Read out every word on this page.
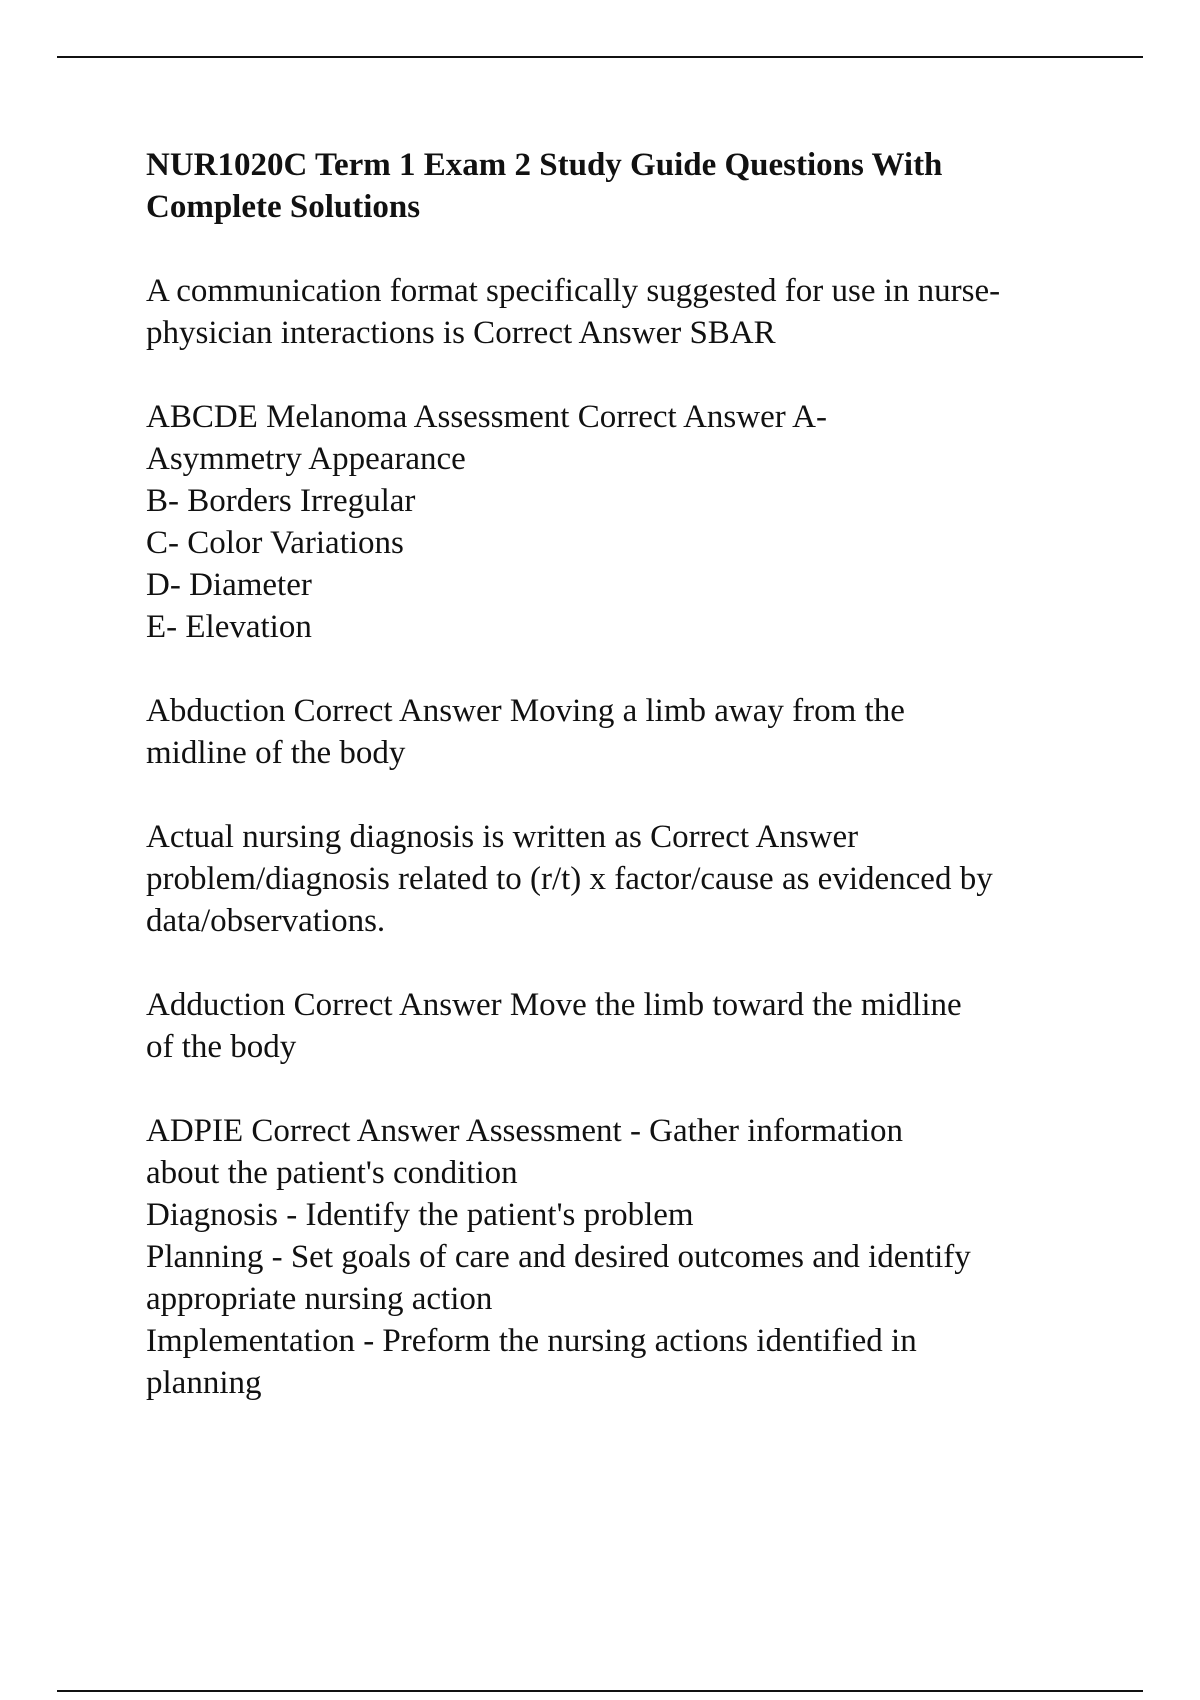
NUR1020C Term 1 Exam 2 Study Guide Questions With
Complete Solutions
A communication format specifically suggested for use in nurse-
physician interactions is Correct Answer SBAR
ABCDE Melanoma Assessment Correct Answer A-
Asymmetry Appearance
B- Borders Irregular
C- Color Variations
D- Diameter
E- Elevation
Abduction Correct Answer Moving a limb away from the
midline of the body
Actual nursing diagnosis is written as Correct Answer
problem/diagnosis related to (r/t) x factor/cause as evidenced by
data/observations.
Adduction Correct Answer Move the limb toward the midline
of the body
ADPIE Correct Answer Assessment - Gather information
about the patient's condition
Diagnosis - Identify the patient's problem
Planning - Set goals of care and desired outcomes and identify
appropriate nursing action
Implementation - Preform the nursing actions identified in
planning
